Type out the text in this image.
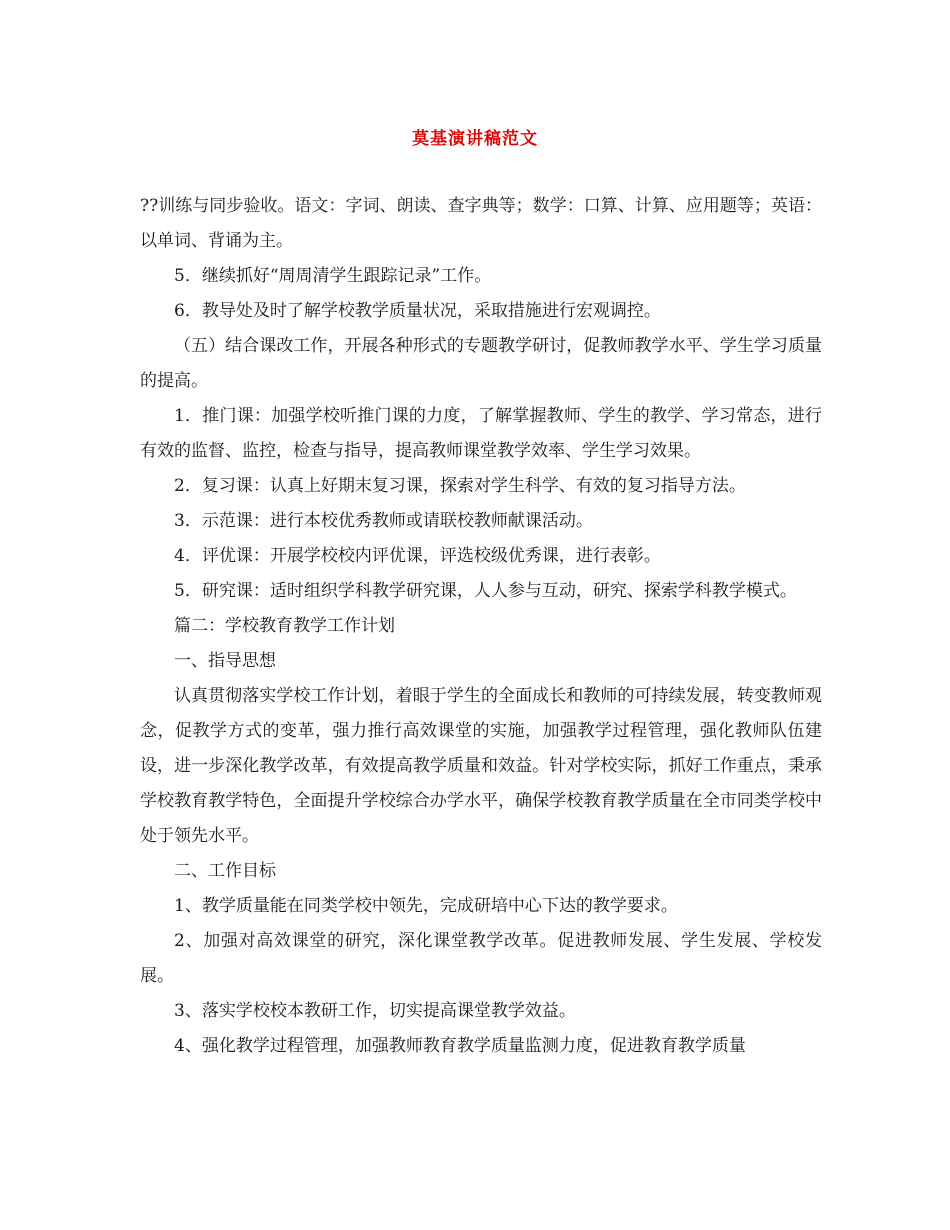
莫基演讲稿范文

??训练与同步验收。语文：字词、朗读、查字典等；数学：口算、计算、应用题等；英语：以单词、背诵为主。

5．继续抓好“周周清学生跟踪记录”工作。

6．教导处及时了解学校教学质量状况，采取措施进行宏观调控。

（五）结合课改工作，开展各种形式的专题教学研讨，促教师教学水平、学生学习质量的提高。

1．推门课：加强学校听推门课的力度，了解掌握教师、学生的教学、学习常态，进行有效的监督、监控，检查与指导，提高教师课堂教学效率、学生学习效果。

2．复习课：认真上好期末复习课，探索对学生科学、有效的复习指导方法。

3．示范课：进行本校优秀教师或请联校教师献课活动。

4．评优课：开展学校校内评优课，评选校级优秀课，进行表彰。

5．研究课：适时组织学科教学研究课，人人参与互动，研究、探索学科教学模式。

篇二：学校教育教学工作计划

一、指导思想

认真贯彻落实学校工作计划，着眼于学生的全面成长和教师的可持续发展，转变教师观念，促教学方式的变革，强力推行高效课堂的实施，加强教学过程管理，强化教师队伍建设，进一步深化教学改革，有效提高教学质量和效益。针对学校实际，抓好工作重点，秉承学校教育教学特色，全面提升学校综合办学水平，确保学校教育教学质量在全市同类学校中处于领先水平。

二、工作目标

1、教学质量能在同类学校中领先，完成研培中心下达的教学要求。

2、加强对高效课堂的研究，深化课堂教学改革。促进教师发展、学生发展、学校发展。

3、落实学校校本教研工作，切实提高课堂教学效益。

4、强化教学过程管理，加强教师教育教学质量监测力度，促进教育教学质量
